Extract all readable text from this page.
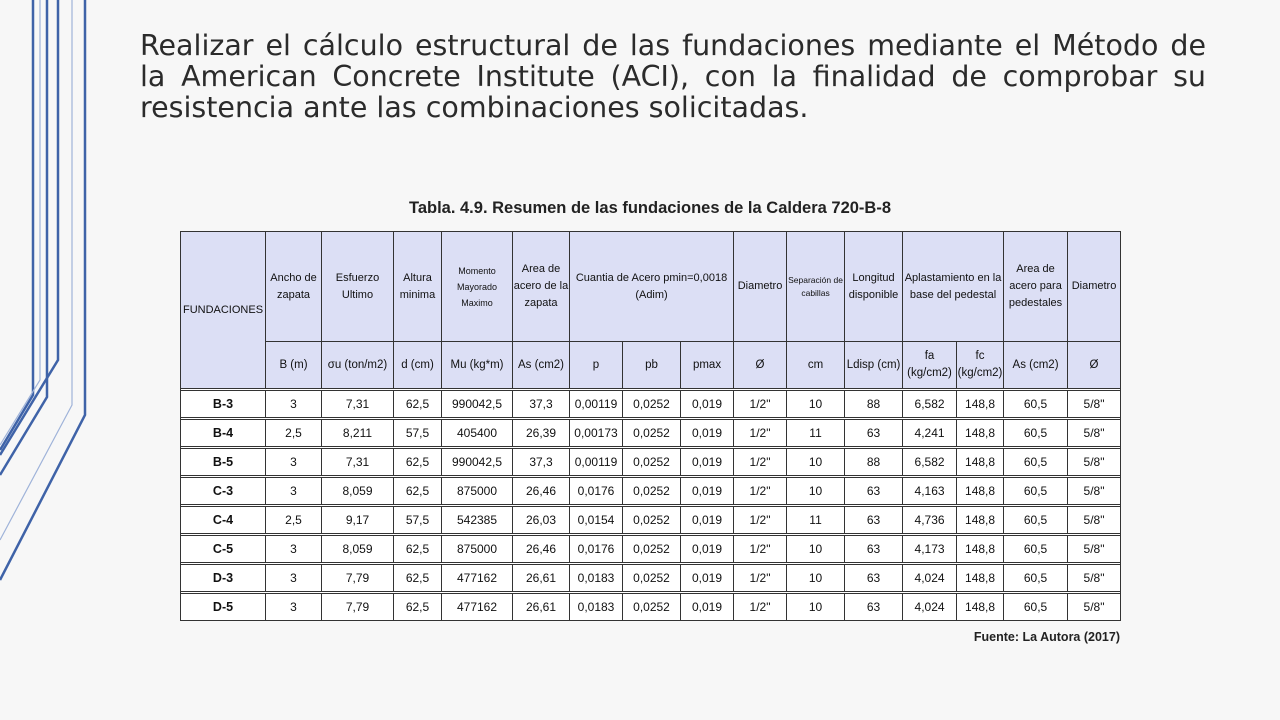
Realizar el cálculo estructural de las fundaciones mediante el Método de la American Concrete Institute (ACI), con la finalidad de comprobar su resistencia ante las combinaciones solicitadas.
Tabla. 4.9. Resumen de las fundaciones de la Caldera 720-B-8
FUNDACIONES	Ancho de zapata	Esfuerzo Ultimo	Altura minima	Momento Mayorado Maximo	Area de acero de la zapata	Cuantia de Acero pmin=0,0018 (Adim)			Diametro	Separación de cabillas	Longitud disponible	Aplastamiento en la base del pedestal		Area de acero para pedestales	Diametro
	B (m)	σu (ton/m2)	d (cm)	Mu (kg*m)	As (cm2)	p	pb	pmax	Ø	cm	Ldisp (cm)	fa (kg/cm2)	fc (kg/cm2)	As (cm2)	Ø

B-3	3	7,31	62,5	990042,5	37,3	0,00119	0,0252	0,019	1/2"	10	88	6,582	148,8	60,5	5/8"

B-4	2,5	8,211	57,5	405400	26,39	0,00173	0,0252	0,019	1/2"	11	63	4,241	148,8	60,5	5/8"

B-5	3	7,31	62,5	990042,5	37,3	0,00119	0,0252	0,019	1/2"	10	88	6,582	148,8	60,5	5/8"

C-3	3	8,059	62,5	875000	26,46	0,0176	0,0252	0,019	1/2"	10	63	4,163	148,8	60,5	5/8"

C-4	2,5	9,17	57,5	542385	26,03	0,0154	0,0252	0,019	1/2"	11	63	4,736	148,8	60,5	5/8"

C-5	3	8,059	62,5	875000	26,46	0,0176	0,0252	0,019	1/2"	10	63	4,173	148,8	60,5	5/8"

D-3	3	7,79	62,5	477162	26,61	0,0183	0,0252	0,019	1/2"	10	63	4,024	148,8	60,5	5/8"

D-5	3	7,79	62,5	477162	26,61	0,0183	0,0252	0,019	1/2"	10	63	4,024	148,8	60,5	5/8"
Fuente: La Autora (2017)
